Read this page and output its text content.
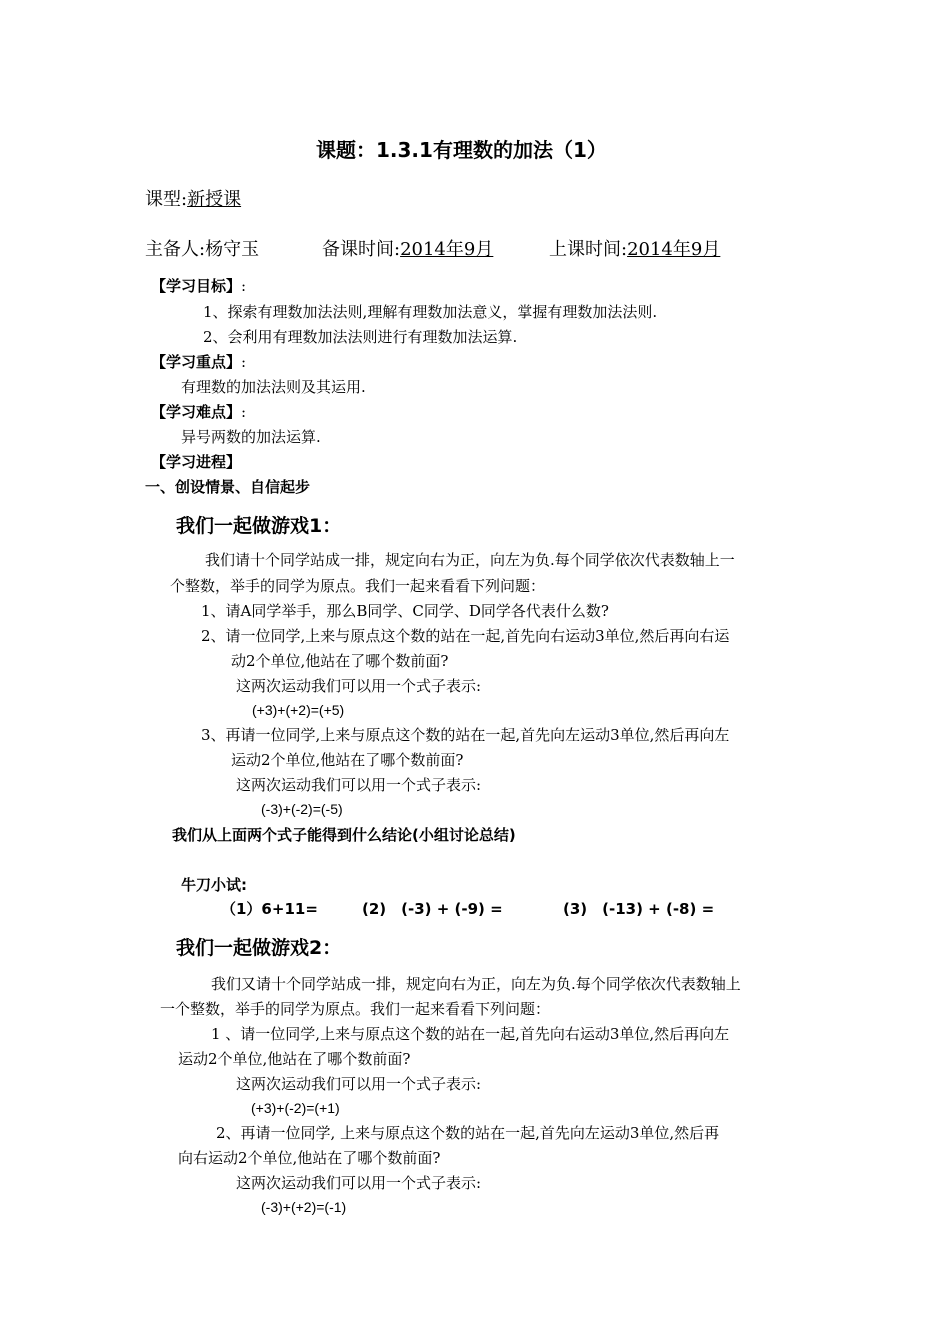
课题：1.3.1有理数的加法（1）
课型:新授课
主备人:杨守玉	备课时间:2014年9月	上课时间:2014年9月
【学习目标】:
1、探索有理数加法法则,理解有理数加法意义，掌握有理数加法法则.
2、会利用有理数加法法则进行有理数加法运算.
【学习重点】:
有理数的加法法则及其运用.
【学习难点】:
异号两数的加法运算.
【学习进程】
一、创设情景、自信起步
我们一起做游戏1：
我们请十个同学站成一排，规定向右为正，向左为负.每个同学依次代表数轴上一
个整数，举手的同学为原点。我们一起来看看下列问题：
1、请A同学举手，那么B同学、C同学、D同学各代表什么数?
2、请一位同学,上来与原点这个数的站在一起,首先向右运动3单位,然后再向右运
动2个单位,他站在了哪个数前面?
这两次运动我们可以用一个式子表示:
(+3)+(+2)=(+5)
3、再请一位同学,上来与原点这个数的站在一起,首先向左运动3单位,然后再向左
运动2个单位,他站在了哪个数前面?
这两次运动我们可以用一个式子表示:
(-3)+(-2)=(-5)
我们从上面两个式子能得到什么结论(小组讨论总结)
牛刀小试:
（1）6+11=	(2)　(-3) + (-9) =	(3)　(-13) + (-8) =
我们一起做游戏2：
我们又请十个同学站成一排，规定向右为正，向左为负.每个同学依次代表数轴上
一个整数，举手的同学为原点。我们一起来看看下列问题：
1 、请一位同学,上来与原点这个数的站在一起,首先向右运动3单位,然后再向左
运动2个单位,他站在了哪个数前面?
这两次运动我们可以用一个式子表示:
(+3)+(-2)=(+1)
2、再请一位同学, 上来与原点这个数的站在一起,首先向左运动3单位,然后再
向右运动2个单位,他站在了哪个数前面?
这两次运动我们可以用一个式子表示:
(-3)+(+2)=(-1)
